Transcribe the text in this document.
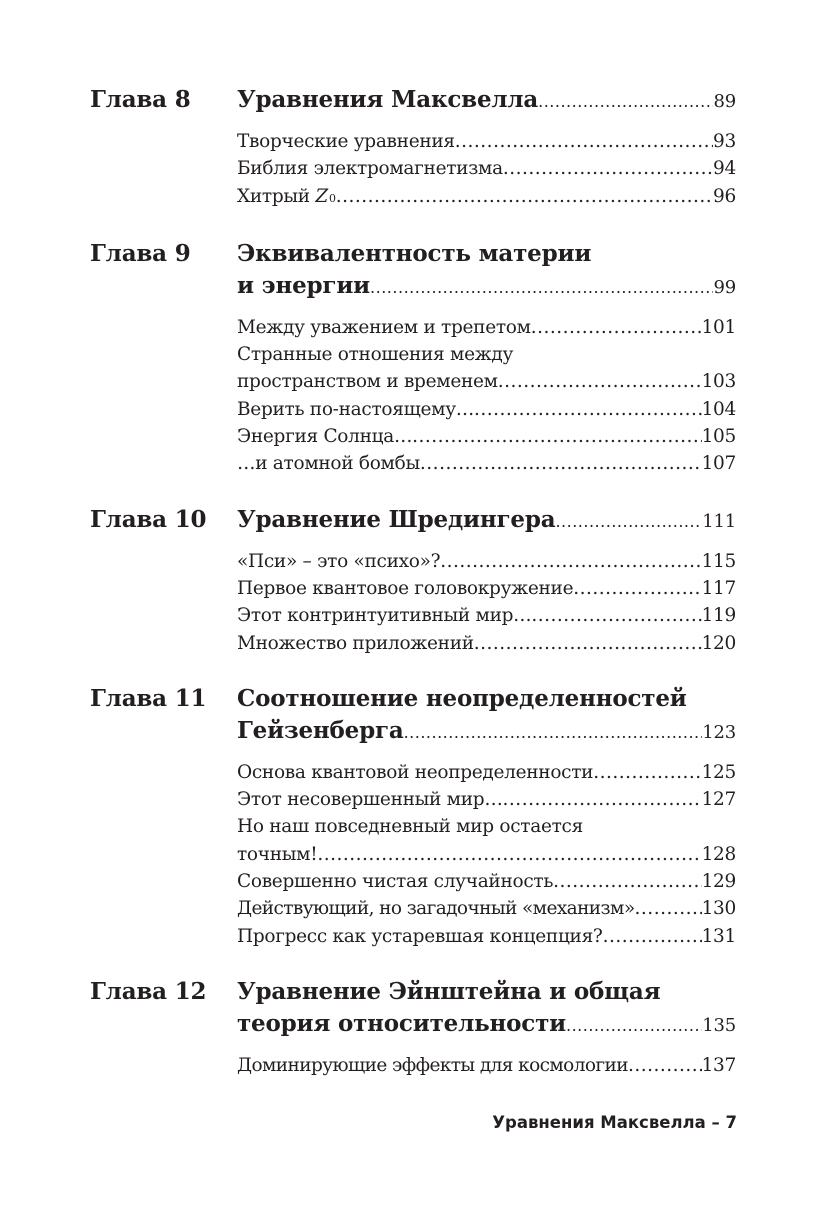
Глава 8	Уравнения Максвелла .....	89
Творческие уравнения .....	93
Библия электромагнетизма .....	94
Хитрый Z 0 .....	96
Глава 9	Эквивалентность материи
и энергии .....	99
Между уважением и трепетом .....	101
Странные отношения между
пространством и временем .....	103
Верить по-настоящему… .....	104
Энергия Солнца… .....	105
…и атомной бомбы .....	107
Глава 10	Уравнение Шредингера .....	111
«Пси» – это «психо»? .....	115
Первое квантовое головокружение .....	117
Этот контринтуитивный мир… .....	119
Множество приложений .....	120
Глава 11	Соотношение неопределенностей
Гейзенберга .....	123
Основа квантовой неопределенности .....	125
Этот несовершенный мир… .....	127
Но наш повседневный мир остается
точным! .....	128
Совершенно чистая случайность .....	129
Действующий, но загадочный «механизм» .....	130
Прогресс как устаревшая концепция? .....	131
Глава 12	Уравнение Эйнштейна и общая
теория относительности .....	135
Доминирующие эффекты для космологии .....	137
Уравнения Максвелла – 7
